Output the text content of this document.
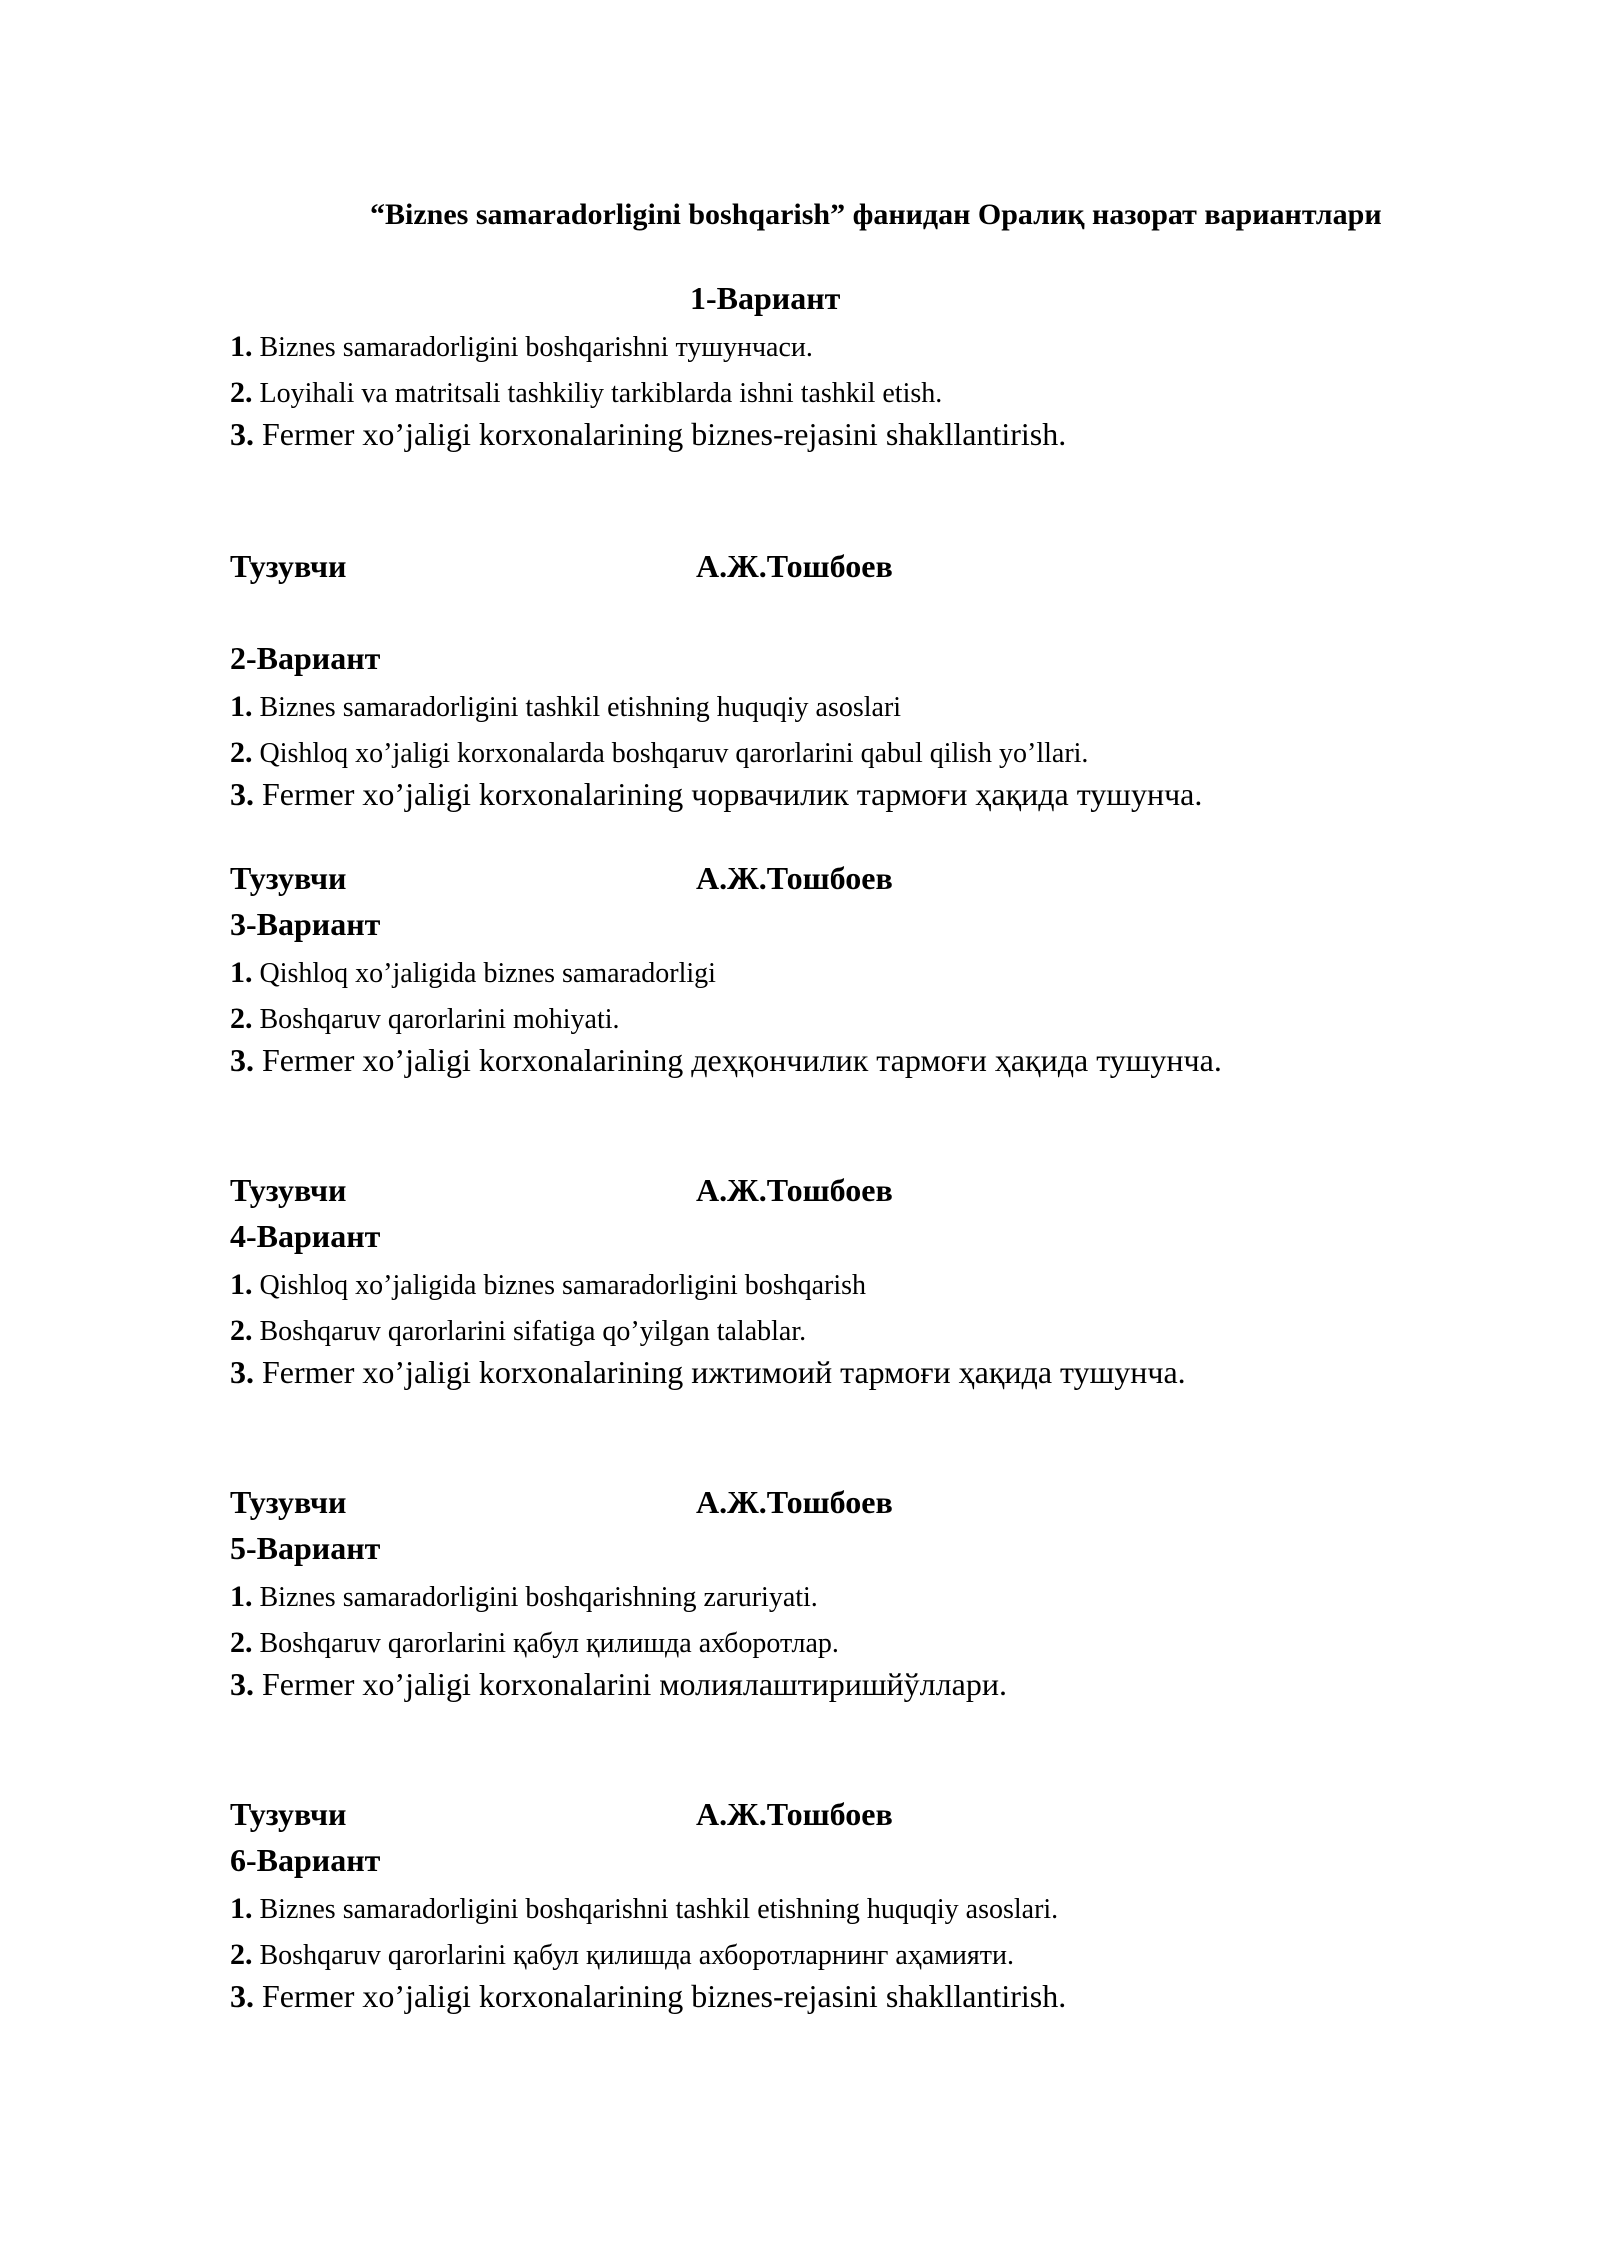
“Biznes samaradorligini boshqarish” фанидан Оралиқ назорат вариантлари
1-Вариант
1. Biznes samaradorligini boshqarishni тушунчаси.
2. Loyihali va matritsali tashkiliy tarkiblarda ishni tashkil etish.
3. Fermer xo’jaligi korxonalarining biznes-rejasini shakllantirish.
Тузувчи	А.Ж.Тошбоев
2-Вариант
1. Biznes samaradorligini tashkil etishning huquqiy asoslari
2. Qishloq xo’jaligi korxonalarda boshqaruv qarorlarini qabul qilish yo’llari.
3. Fermer xo’jaligi korxonalarining чорвачилик тармоғи ҳақида тушунча.
Тузувчи	А.Ж.Тошбоев
3-Вариант
1. Qishloq xo’jaligida biznes samaradorligi
2. Boshqaruv qarorlarini mohiyati.
3. Fermer xo’jaligi korxonalarining деҳқончилик тармоғи ҳақида тушунча.
Тузувчи	А.Ж.Тошбоев
4-Вариант
1. Qishloq xo’jaligida biznes samaradorligini boshqarish
2. Boshqaruv qarorlarini sifatiga qo’yilgan talablar.
3. Fermer xo’jaligi korxonalarining ижтимоий тармоғи ҳақида тушунча.
Тузувчи	А.Ж.Тошбоев
5-Вариант
1. Biznes samaradorligini boshqarishning zaruriyati.
2. Boshqaruv qarorlarini қабул қилишда ахборотлар.
3. Fermer xo’jaligi korxonalarini молиялаштиришйўллари.
Тузувчи	А.Ж.Тошбоев
6-Вариант
1. Biznes samaradorligini boshqarishni tashkil etishning huquqiy asoslari.
2. Boshqaruv qarorlarini қабул қилишда ахборотларнинг аҳамияти.
3. Fermer xo’jaligi korxonalarining biznes-rejasini shakllantirish.
